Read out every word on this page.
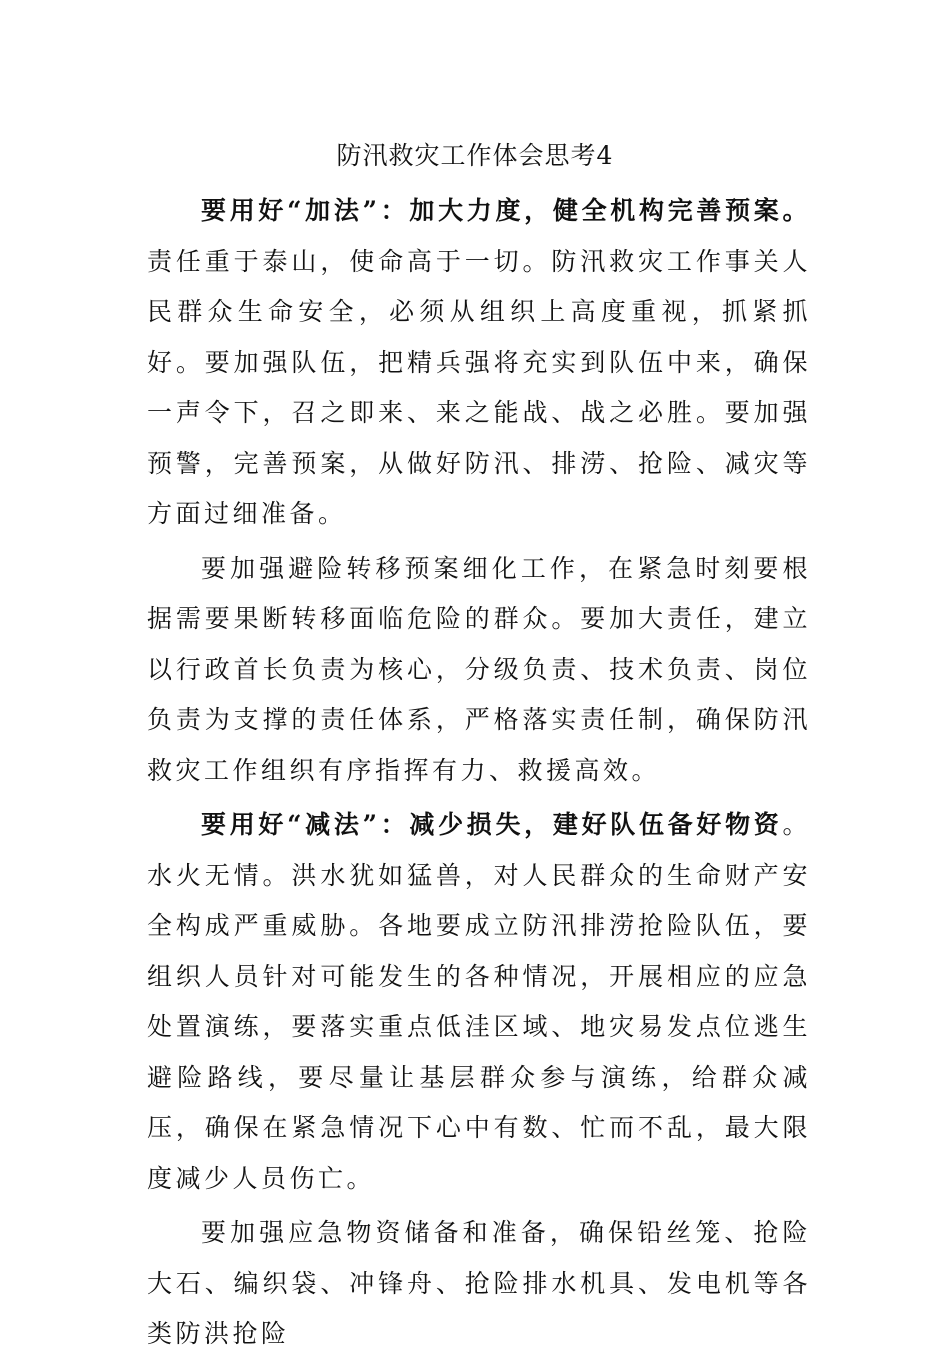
防汛救灾工作体会思考4

要用好“加法”：加大力度，健全机构完善预案。责任重于泰山，使命高于一切。防汛救灾工作事关人民群众生命安全，必须从组织上高度重视，抓紧抓好。要加强队伍，把精兵强将充实到队伍中来，确保一声令下，召之即来、来之能战、战之必胜。要加强预警，完善预案，从做好防汛、排涝、抢险、减灾等方面过细准备。

要加强避险转移预案细化工作，在紧急时刻要根据需要果断转移面临危险的群众。要加大责任，建立以行政首长负责为核心，分级负责、技术负责、岗位负责为支撑的责任体系，严格落实责任制，确保防汛救灾工作组织有序指挥有力、救援高效。

要用好“减法”：减少损失，建好队伍备好物资。水火无情。洪水犹如猛兽，对人民群众的生命财产安全构成严重威胁。各地要成立防汛排涝抢险队伍，要组织人员针对可能发生的各种情况，开展相应的应急处置演练，要落实重点低洼区域、地灾易发点位逃生避险路线，要尽量让基层群众参与演练，给群众减压，确保在紧急情况下心中有数、忙而不乱，最大限度减少人员伤亡。

要加强应急物资储备和准备，确保铅丝笼、抢险大石、编织袋、冲锋舟、抢险排水机具、发电机等各类防洪抢险
